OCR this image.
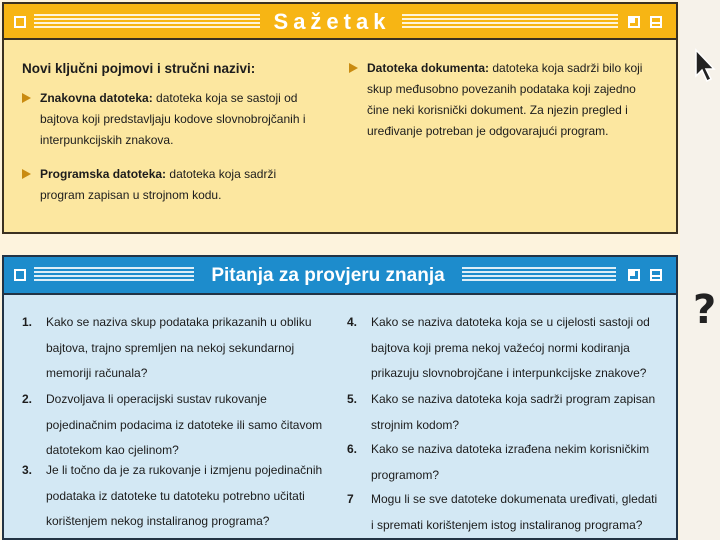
Sažetak
Novi ključni pojmovi i stručni nazivi:
Znakovna datoteka: datoteka koja se sastoji od bajtova koji predstavljaju kodove slovnobrojčanih i interpunkcijskih znakova.
Programska datoteka: datoteka koja sadrži program zapisan u strojnom kodu.
Datoteka dokumenta: datoteka koja sadrži bilo koji skup međusobno povezanih podataka koji zajedno čine neki korisnički dokument. Za njezin pregled i uređivanje potreban je odgovarajući program.
Pitanja za provjeru znanja
1. Kako se naziva skup podataka prikazanih u obliku bajtova, trajno spremljen na nekoj sekundarnoj memoriji računala?
2. Dozvoljava li operacijski sustav rukovanje pojedinačnim podacima iz datoteke ili samo čitavom datotekom kao cjelinom?
3. Je li točno da je za rukovanje i izmjenu pojedinačnih podataka iz datoteke tu datoteku potrebno učitati korištenjem nekog instaliranog programa?
4. Kako se naziva datoteka koja se u cijelosti sastoji od bajtova koji prema nekoj važećoj normi kodiranja prikazuju slovnobrojčane i interpunkcijske znakove?
5. Kako se naziva datoteka koja sadrži program zapisan strojnim kodom?
6. Kako se naziva datoteka izrađena nekim korisničkim programom?
7 Mogu li se sve datoteke dokumenata uređivati, gledati i spremati korištenjem istog instaliranog programa?
?
